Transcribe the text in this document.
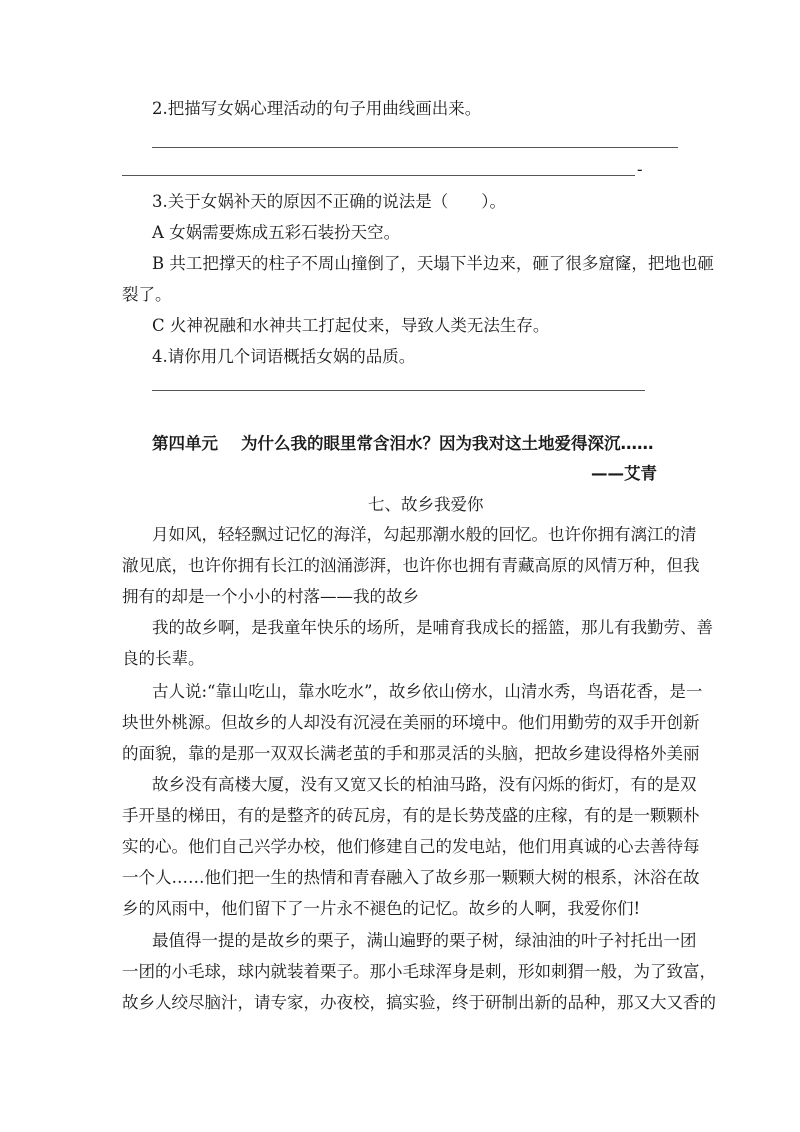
2.把描写女娲心理活动的句子用曲线画出来。
-
3.关于女娲补天的原因不正确的说法是（　　）。
A 女娲需要炼成五彩石装扮天空。
B 共工把撑天的柱子不周山撞倒了，天塌下半边来，砸了很多窟窿，把地也砸
裂了。
C 火神祝融和水神共工打起仗来，导致人类无法生存。
4.请你用几个词语概括女娲的品质。
第四单元 为什么我的眼里常含泪水？因为我对这土地爱得深沉……
——艾青
七、故乡我爱你
月如风，轻轻飘过记忆的海洋，勾起那潮水般的回忆。也许你拥有漓江的清
澈见底，也许你拥有长江的汹涌澎湃，也许你也拥有青藏高原的风情万种，但我
拥有的却是一个小小的村落——我的故乡
我的故乡啊，是我童年快乐的场所，是哺育我成长的摇篮，那儿有我勤劳、善
良的长辈。
古人说:“靠山吃山，靠水吃水”，故乡依山傍水，山清水秀，鸟语花香，是一
块世外桃源。但故乡的人却没有沉浸在美丽的环境中。他们用勤劳的双手开创新
的面貌，靠的是那一双双长满老茧的手和那灵活的头脑，把故乡建设得格外美丽
故乡没有高楼大厦，没有又宽又长的柏油马路，没有闪烁的街灯，有的是双
手开垦的梯田，有的是整齐的砖瓦房，有的是长势茂盛的庄稼，有的是一颗颗朴
实的心。他们自己兴学办校，他们修建自己的发电站，他们用真诚的心去善待每
一个人……他们把一生的热情和青春融入了故乡那一颗颗大树的根系，沐浴在故
乡的风雨中，他们留下了一片永不褪色的记忆。故乡的人啊，我爱你们!
最值得一提的是故乡的栗子，满山遍野的栗子树，绿油油的叶子衬托出一团
一团的小毛球，球内就装着栗子。那小毛球浑身是刺，形如刺猬一般，为了致富，
故乡人绞尽脑汁，请专家，办夜校，搞实验，终于研制出新的品种，那又大又香的
